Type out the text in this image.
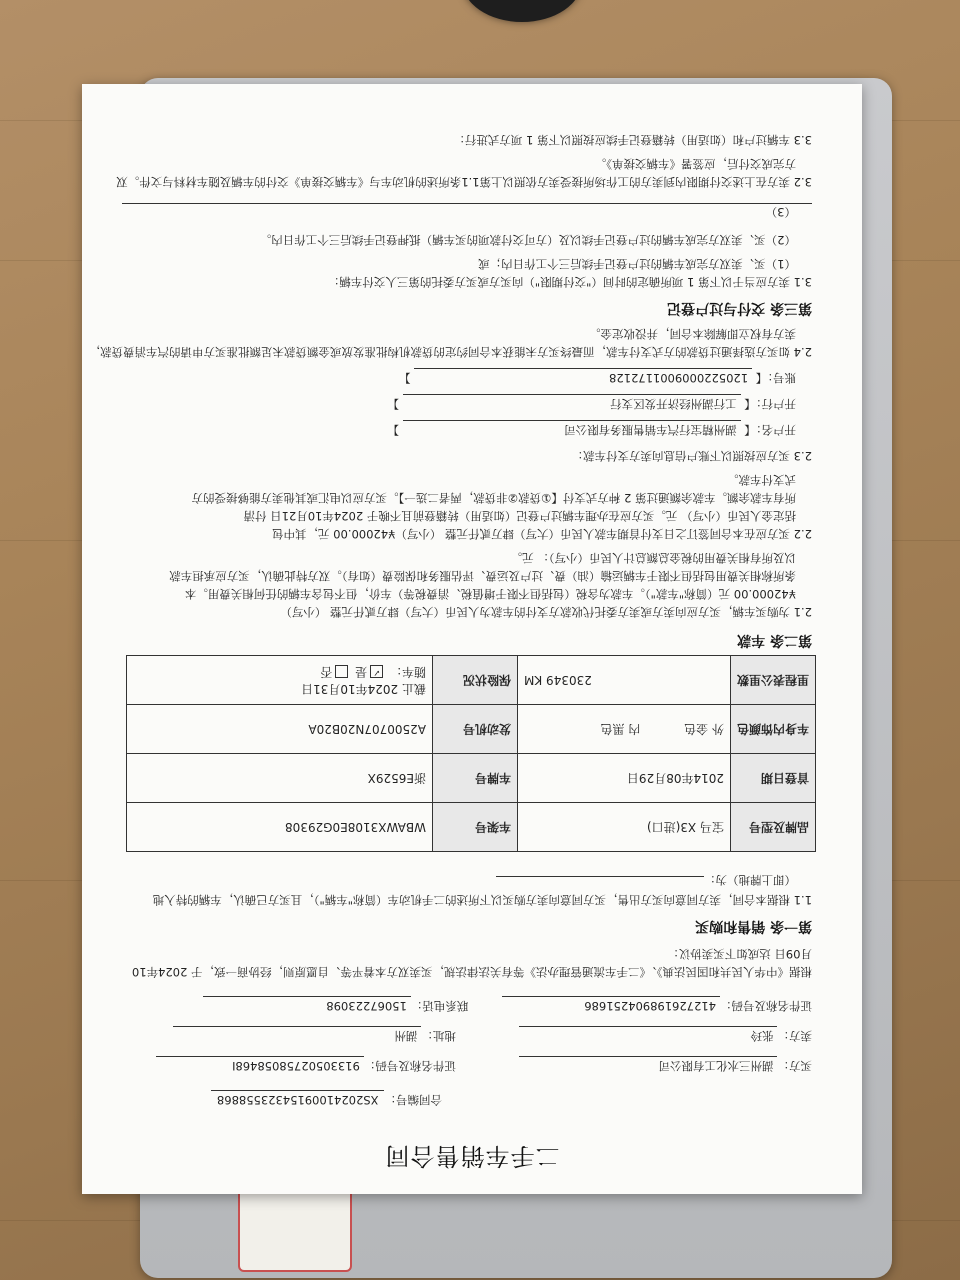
二手车销售合同
合同编号：XS20241009154323558868
买方：湖州三水化工有限公司 证件名称及号码：91330502758058468I
卖方：张玲 地址：湖州
证件名称及号码：412726198904251686 联系电话：15067223098
根据《中华人民共和国民法典》、《二手车流通管理办法》等有关法律法规，买卖双方本着平等、自愿原则，经协商一致，于 2024年10
月09日 达成如下买卖协议：
第一条 销售和购买
1.1 根据本合同，卖方同意向买方出售，买方同意向卖方购买以下所述的二手机动车（简称"车辆"），且买方已确认，车辆的特入地
（即上牌地）为：
品牌及型号	宝马 X3(进口)	车架号	WBAWX3108E0G29308
首登日期	2014年08月29日	车牌号	浙E6529X
车身内饰颜色	外 金色 内 黑色	发动机号	A2500707N20B20A
里程表公里数	230349 KM	保险状况	截止 2024年10月31日
随车： ✓是 否
第二条 车款
2.1 为购买车辆，买方应向卖方或卖方委托代收款方支付的车款为人民币（大写）肆万贰仟元整 （小写）
¥42000.00 元（简称"车款"）。车款为含税（包括但不限于增值税、消费税等）车价，但不包含车辆的任何相关费用。本
条所称相关费用包括但不限于车辆运输（油）费、过户及运费、评估服务和保险费（如有）。双方特此确认，买方应承担车款
以及所有相关费用的税金总额总计人民币（小写）： 元。
2.2 买方应在本合同签订之日支付首期车款人民币（大写）肆万贰仟元整 （小写）¥42000.00 元，其中包
括定金人民币（小写） 元。买方应在办理车辆过户登记（如适用）转籍登前且不晚于 2024年10月21日 付清
所有车款余额。车款余额通过第 2 种方式支付【①贷款②非贷款，两者二选一】。买方应以电汇或其他卖方能够接受的方
式支付车款。
2.3 买方应按照以下账户信息向卖方支付车款：
开户名：【 湖州精宝行汽车销售服务有限公司 】
开户行：【 工行湖州经济开发区支行 】
账号：【 1205220009001172128 】
2.4 如买方选择通过贷款的方式支付车款，而最终买方未能获本合同约定的贷款机构批准发放或金额贷款未足额批准买方申请的汽车消费贷款，
卖方有权立即解除本合同，并没收定金。
第三条 交付与过户登记
3.1 卖方应当于以下第 1 项所确定的时间（"交付期限"）向买方或买方委托的第三人交付车辆：
（1）买、卖双方完成车辆的过户登记手续后三个工作日内；或
（2）买、卖双方完成车辆的过户登记手续以及（方可交付款项的买车辆）抵押登记手续后三个工作日内。
（3）
3.2 卖方在上述交付期限内到卖方的工作场所接受卖方依照以上第1.1条所述的机动车与《车辆交接单》交付的车辆及随车材料与文件。双
方完成交付后，应签署《车辆交接单》。
3.3 车辆过户和（如适用）转籍登记手续应按照以下第 1 项方式进行：
